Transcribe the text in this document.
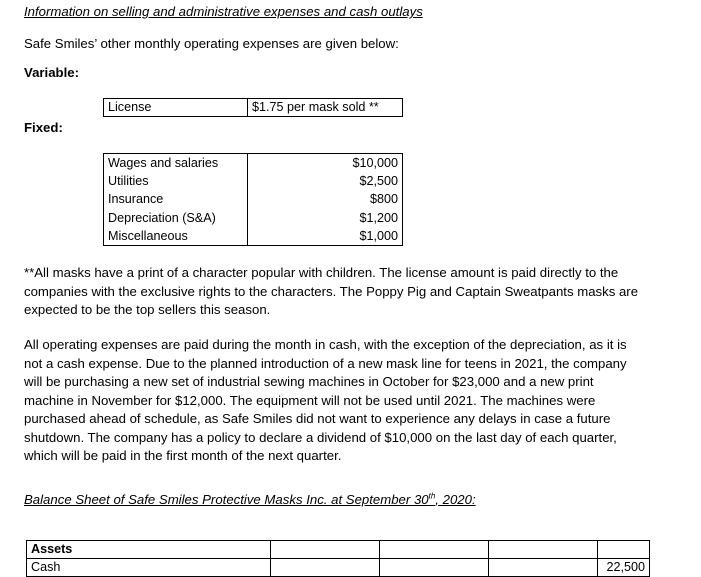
Information on selling and administrative expenses and cash outlays
Safe Smiles’ other monthly operating expenses are given below:
Variable:
License	$1.75 per mask sold **
Fixed:
Wages and salaries	$10,000
Utilities	$2,500
Insurance	$800
Depreciation (S&A)	$1,200
Miscellaneous	$1,000
**All masks have a print of a character popular with children. The license amount is paid directly to the
companies with the exclusive rights to the characters. The Poppy Pig and Captain Sweatpants masks are
expected to be the top sellers this season.
All operating expenses are paid during the month in cash, with the exception of the depreciation, as it is
not a cash expense. Due to the planned introduction of a new mask line for teens in 2021, the company
will be purchasing a new set of industrial sewing machines in October for $23,000 and a new print
machine in November for $12,000. The equipment will not be used until 2021. The machines were
purchased ahead of schedule, as Safe Smiles did not want to experience any delays in case a future
shutdown. The company has a policy to declare a dividend of $10,000 on the last day of each quarter,
which will be paid in the first month of the next quarter.
Balance Sheet of Safe Smiles Protective Masks Inc. at September 30th, 2020:
Assets				
Cash				22,500
